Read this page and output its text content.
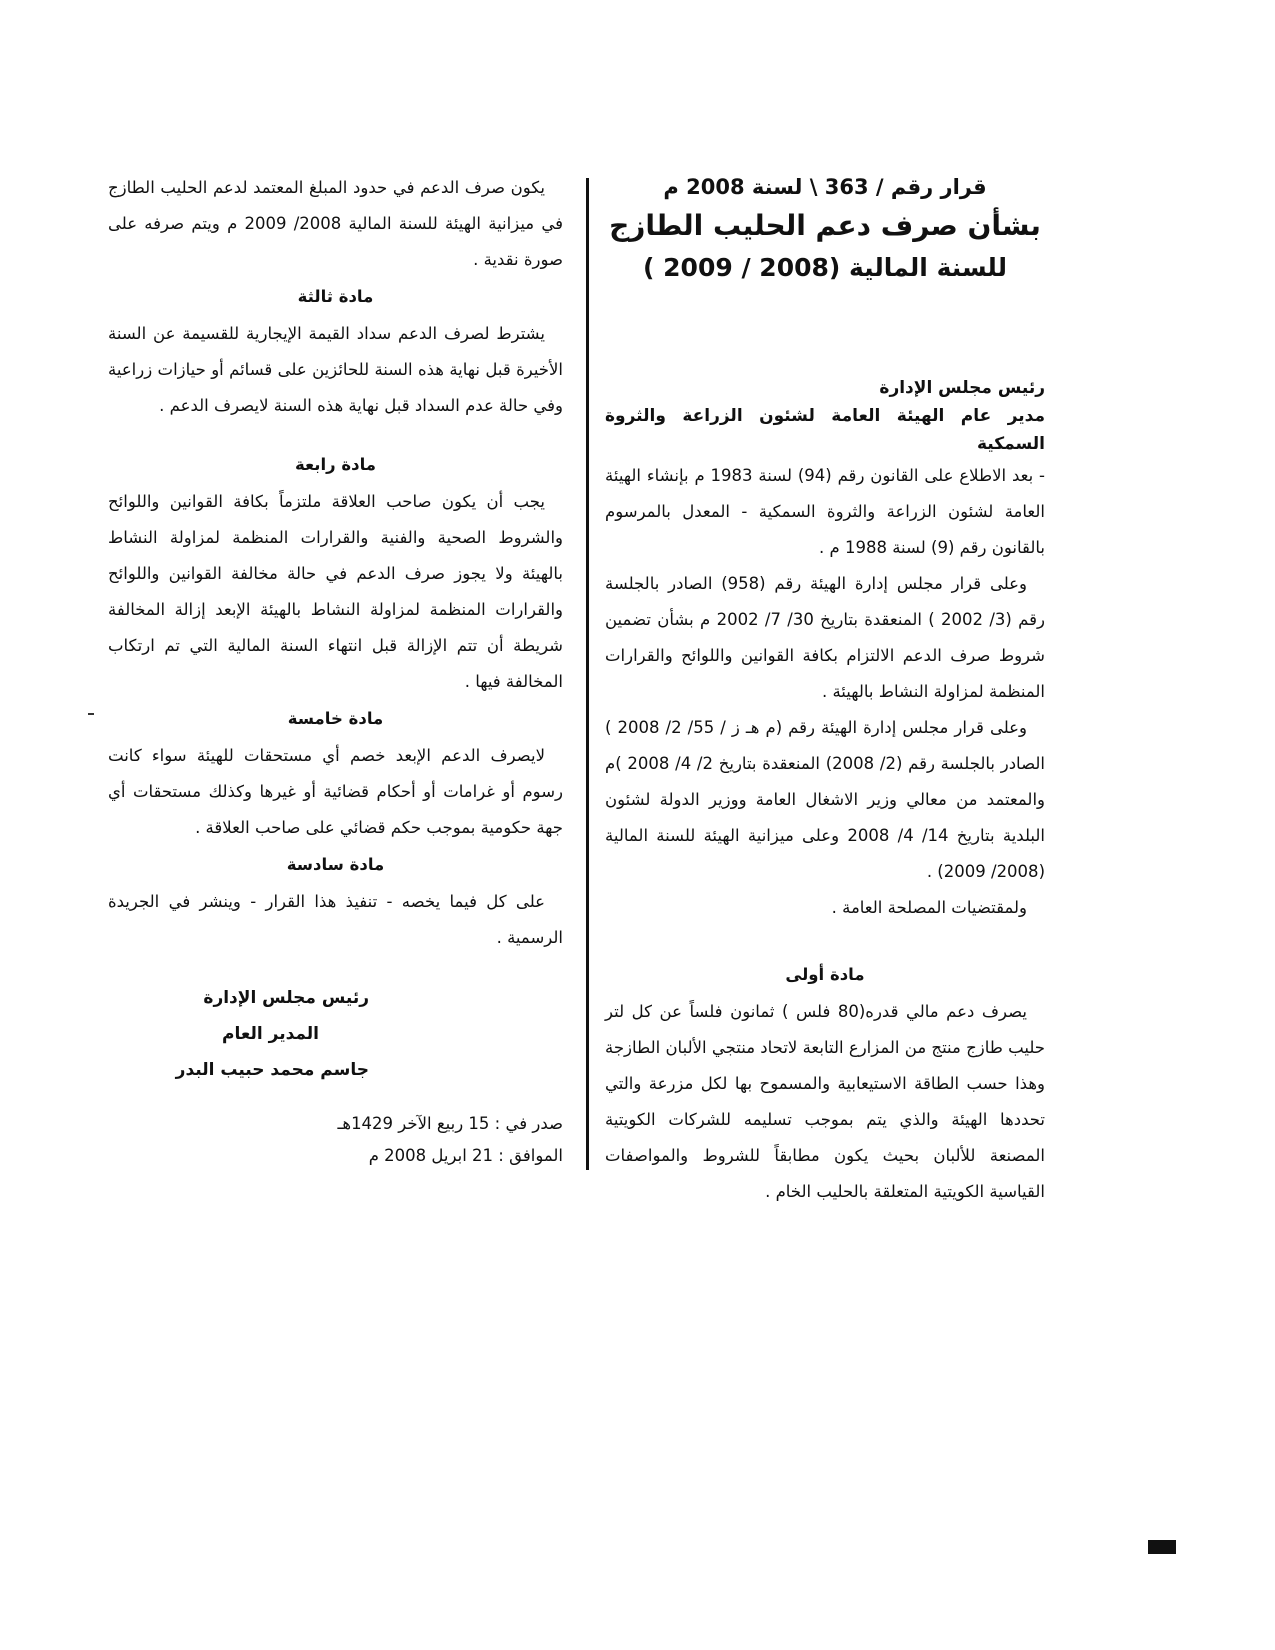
قرار رقم / 363 \ لسنة 2008 م

بشأن صرف دعم الحليب الطازج

للسنة المالية (2008 / 2009 )

رئيس مجلس الإدارة

مدير عام الهيئة العامة لشئون الزراعة والثروة السمكية

- بعد الاطلاع على القانون رقم (94) لسنة 1983 م بإنشاء الهيئة العامة لشئون الزراعة والثروة السمكية - المعدل بالمرسوم بالقانون رقم (9) لسنة 1988 م .

وعلى قرار مجلس إدارة الهيئة رقم (958) الصادر بالجلسة رقم (3/ 2002 ) المنعقدة بتاريخ 30/ 7/ 2002 م بشأن تضمين شروط صرف الدعم الالتزام بكافة القوانين واللوائح والقرارات المنظمة لمزاولة النشاط بالهيئة .

وعلى قرار مجلس إدارة الهيئة رقم (م هـ ز / 55/ 2/ 2008 ) الصادر بالجلسة رقم (2/ 2008) المنعقدة بتاريخ 2/ 4/ 2008 )م والمعتمد من معالي وزير الاشغال العامة ووزير الدولة لشئون البلدية بتاريخ 14/ 4/ 2008 وعلى ميزانية الهيئة للسنة المالية (2008/ 2009) .

ولمقتضيات المصلحة العامة .

مادة أولى

يصرف دعم مالي قدره(80 فلس ) ثمانون فلساً عن كل لتر حليب طازج منتج من المزارع التابعة لاتحاد منتجي الألبان الطازجة وهذا حسب الطاقة الاستيعابية والمسموح بها لكل مزرعة والتي تحددها الهيئة والذي يتم بموجب تسليمه للشركات الكويتية المصنعة للألبان بحيث يكون مطابقاً للشروط والمواصفات القياسية الكويتية المتعلقة بالحليب الخام .

يكون صرف الدعم في حدود المبلغ المعتمد لدعم الحليب الطازج في ميزانية الهيئة للسنة المالية 2008/ 2009 م ويتم صرفه على صورة نقدية .

مادة ثالثة

يشترط لصرف الدعم سداد القيمة الإيجارية للقسيمة عن السنة الأخيرة قبل نهاية هذه السنة للحائزين على قسائم أو حيازات زراعية وفي حالة عدم السداد قبل نهاية هذه السنة لايصرف الدعم .

مادة رابعة

يجب أن يكون صاحب العلاقة ملتزماً بكافة القوانين واللوائح والشروط الصحية والفنية والقرارات المنظمة لمزاولة النشاط بالهيئة ولا يجوز صرف الدعم في حالة مخالفة القوانين واللوائح والقرارات المنظمة لمزاولة النشاط بالهيئة الإبعد إزالة المخالفة شريطة أن تتم الإزالة قبل انتهاء السنة المالية التي تم ارتكاب المخالفة فيها .

مادة خامسة

لايصرف الدعم الإبعد خصم أي مستحقات للهيئة سواء كانت رسوم أو غرامات أو أحكام قضائية أو غيرها وكذلك مستحقات أي جهة حكومية بموجب حكم قضائي على صاحب العلاقة .

مادة سادسة

على كل فيما يخصه - تنفيذ هذا القرار - وينشر في الجريدة الرسمية .

رئيس مجلس الإدارة

المدير العام

جاسم محمد حبيب البدر

صدر في : 15 ربيع الآخر 1429هـ

الموافق : 21 ابريل 2008 م
